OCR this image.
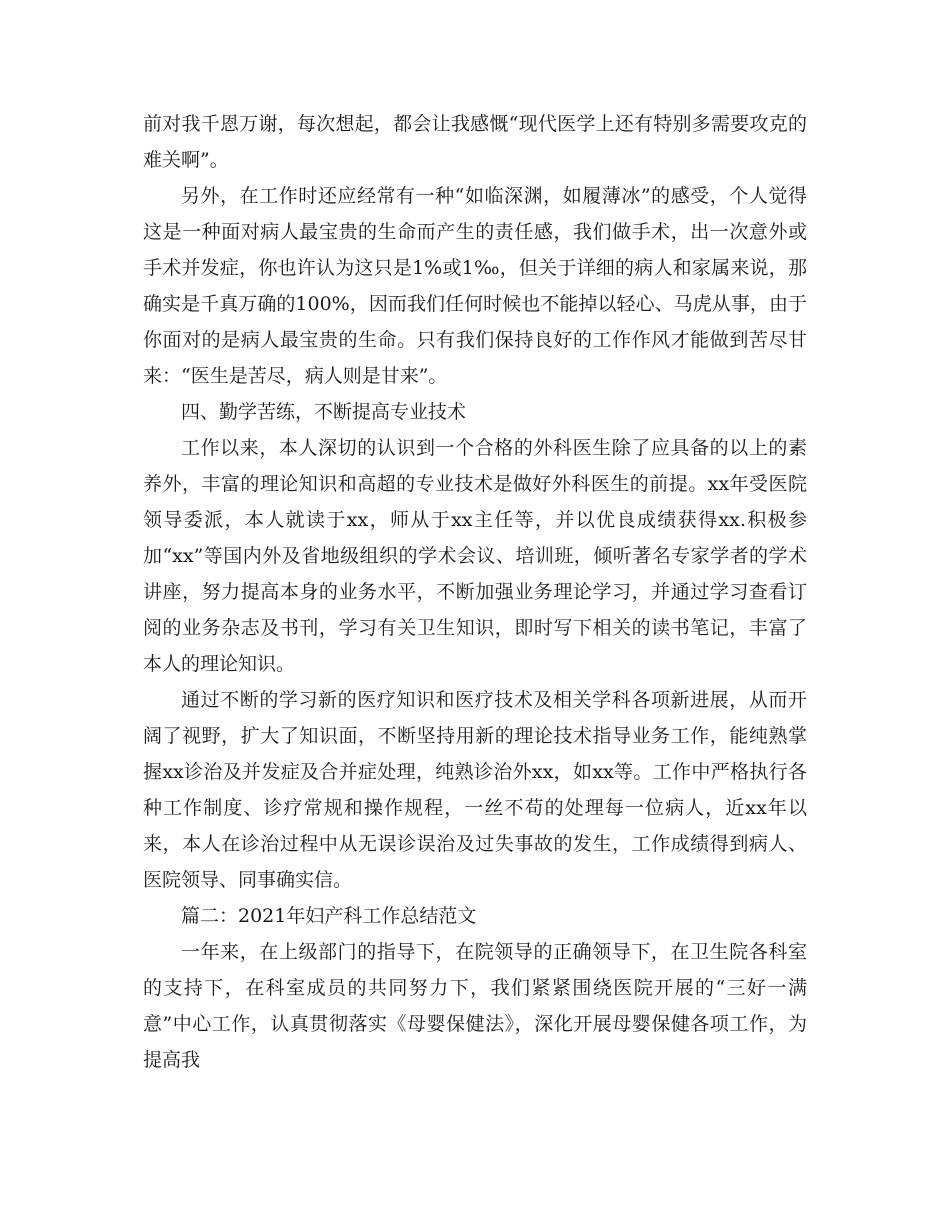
前对我千恩万谢，每次想起，都会让我感慨“现代医学上还有特别多需要攻克的难关啊”。

另外，在工作时还应经常有一种“如临深渊，如履薄冰”的感受，个人觉得这是一种面对病人最宝贵的生命而产生的责任感，我们做手术，出一次意外或手术并发症，你也许认为这只是1%或1‰，但关于详细的病人和家属来说，那确实是千真万确的100%，因而我们任何时候也不能掉以轻心、马虎从事，由于你面对的是病人最宝贵的生命。只有我们保持良好的工作作风才能做到苦尽甘来：“医生是苦尽，病人则是甘来”。

四、勤学苦练，不断提高专业技术

工作以来，本人深切的认识到一个合格的外科医生除了应具备的以上的素养外，丰富的理论知识和高超的专业技术是做好外科医生的前提。xx年受医院领导委派，本人就读于xx，师从于xx主任等，并以优良成绩获得xx.积极参加“xx”等国内外及省地级组织的学术会议、培训班，倾听著名专家学者的学术讲座，努力提高本身的业务水平，不断加强业务理论学习，并通过学习查看订阅的业务杂志及书刊，学习有关卫生知识，即时写下相关的读书笔记，丰富了本人的理论知识。

通过不断的学习新的医疗知识和医疗技术及相关学科各项新进展，从而开阔了视野，扩大了知识面，不断坚持用新的理论技术指导业务工作，能纯熟掌握xx诊治及并发症及合并症处理，纯熟诊治外xx，如xx等。工作中严格执行各种工作制度、诊疗常规和操作规程，一丝不苟的处理每一位病人，近xx年以来，本人在诊治过程中从无误诊误治及过失事故的发生，工作成绩得到病人、医院领导、同事确实信。

篇二：2021年妇产科工作总结范文

一年来，在上级部门的指导下，在院领导的正确领导下，在卫生院各科室的支持下，在科室成员的共同努力下，我们紧紧围绕医院开展的“三好一满意”中心工作，认真贯彻落实《母婴保健法》，深化开展母婴保健各项工作，为提高我
